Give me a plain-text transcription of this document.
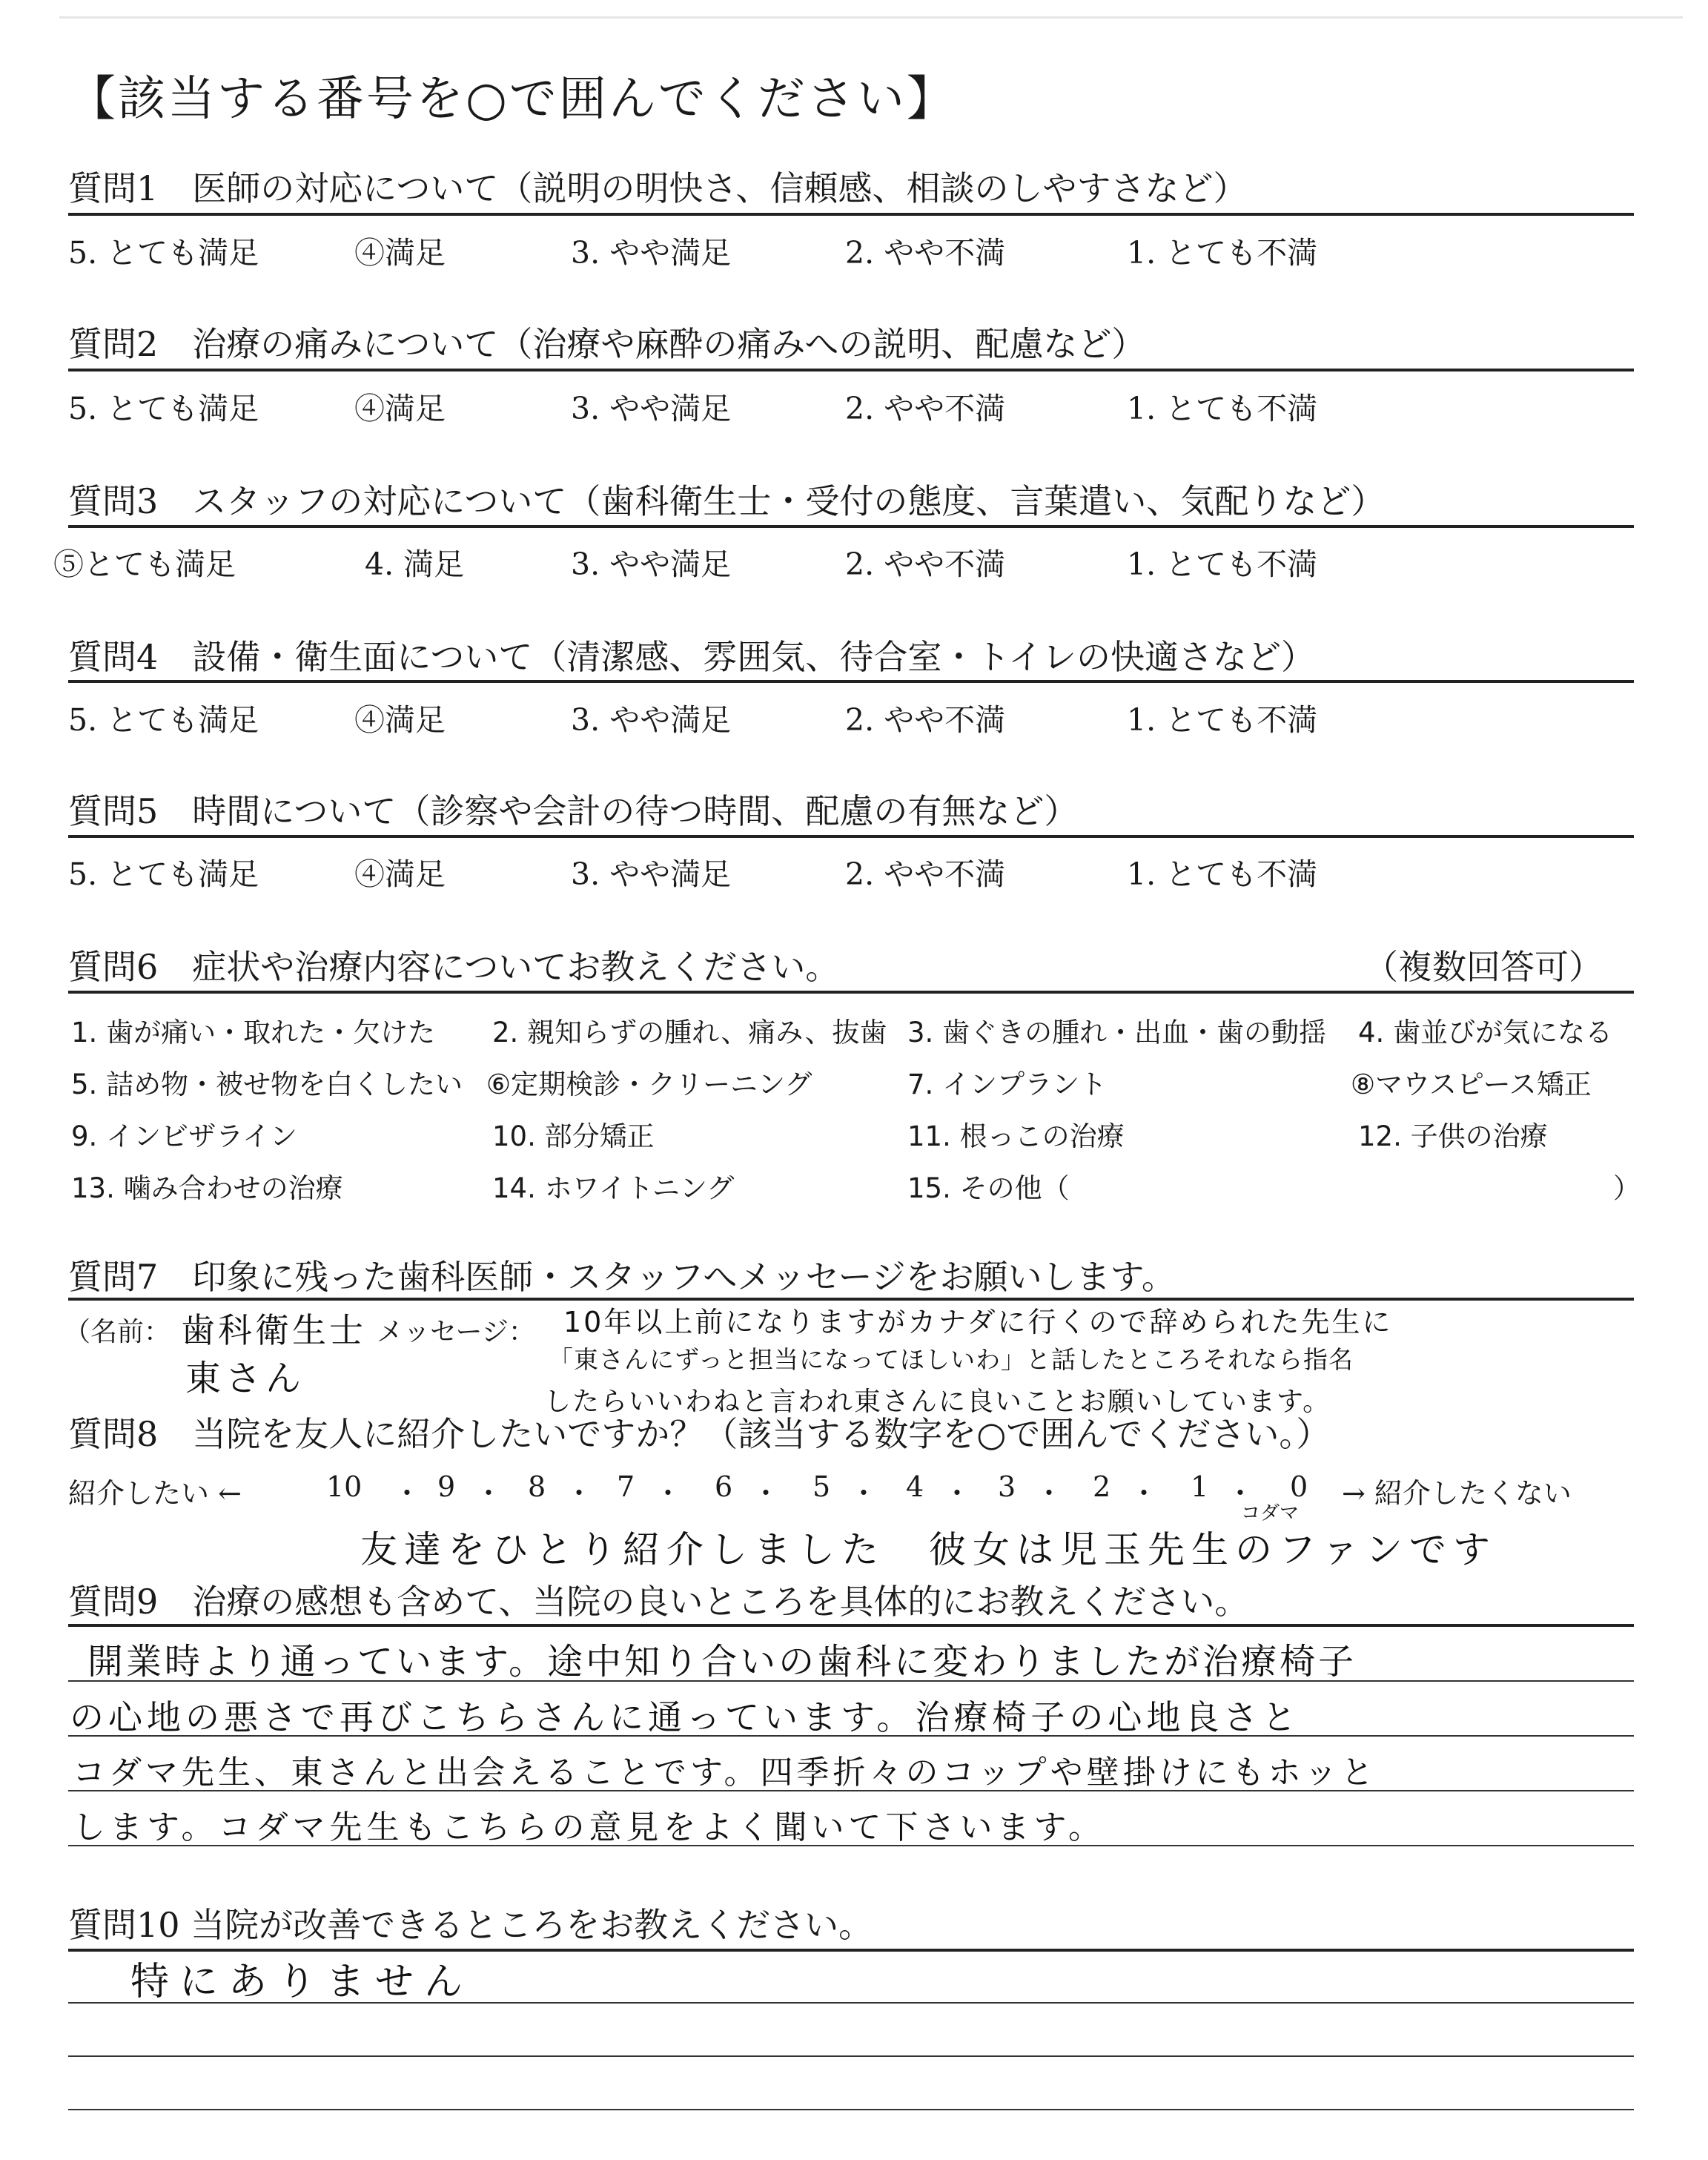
【該当する番号を○で囲んでください】
質問1　医師の対応について（説明の明快さ、信頼感、相談のしやすさなど）
5. とても満足	④満足	3. やや満足	2. やや不満	1. とても不満
質問2　治療の痛みについて（治療や麻酔の痛みへの説明、配慮など）
5. とても満足	④満足	3. やや満足	2. やや不満	1. とても不満
質問3　スタッフの対応について（歯科衛生士・受付の態度、言葉遣い、気配りなど）
⑤とても満足	4. 満足	3. やや満足	2. やや不満	1. とても不満
質問4　設備・衛生面について（清潔感、雰囲気、待合室・トイレの快適さなど）
5. とても満足	④満足	3. やや満足	2. やや不満	1. とても不満
質問5　時間について（診察や会計の待つ時間、配慮の有無など）
5. とても満足	④満足	3. やや満足	2. やや不満	1. とても不満
質問6　症状や治療内容についてお教えください。	（複数回答可）
1. 歯が痛い・取れた・欠けた 2. 親知らずの腫れ、痛み、抜歯 3. 歯ぐきの腫れ・出血・歯の動揺 4. 歯並びが気になる
5. 詰め物・被せ物を白くしたい ⑥定期検診・クリーニング	7. インプラント	⑧マウスピース矯正
9. インビザライン	10. 部分矯正	11. 根っこの治療	12. 子供の治療
13. 噛み合わせの治療	14. ホワイトニング	15. その他（	）
質問7　印象に残った歯科医師・スタッフへメッセージをお願いします。
（名前：	メッセージ：
歯科衛生士
東さん
10年以上前になりますがカナダに行くので辞められた先生に
「東さんにずっと担当になってほしいわ」と話したところそれなら指名
したらいいわねと言われ東さんに良いことお願いしています。
質問8　当院を友人に紹介したいですか？（該当する数字を○で囲んでください。）
紹介したい ←	10 ・ 9 ・ 8 ・ 7 ・ 6 ・ 5 ・ 4 ・ 3 ・ 2 ・ 1 ・ 0 → 紹介したくない
コダマ
友達をひとり紹介しました　彼女は児玉先生のファンです
質問9　治療の感想も含めて、当院の良いところを具体的にお教えください。
開業時より通っています。途中知り合いの歯科に変わりましたが治療椅子
の心地の悪さで再びこちらさんに通っています。治療椅子の心地良さと
コダマ先生、東さんと出会えることです。四季折々のコップや壁掛けにもホッと
します。コダマ先生もこちらの意見をよく聞いて下さいます。
質問10 当院が改善できるところをお教えください。
特にありません
